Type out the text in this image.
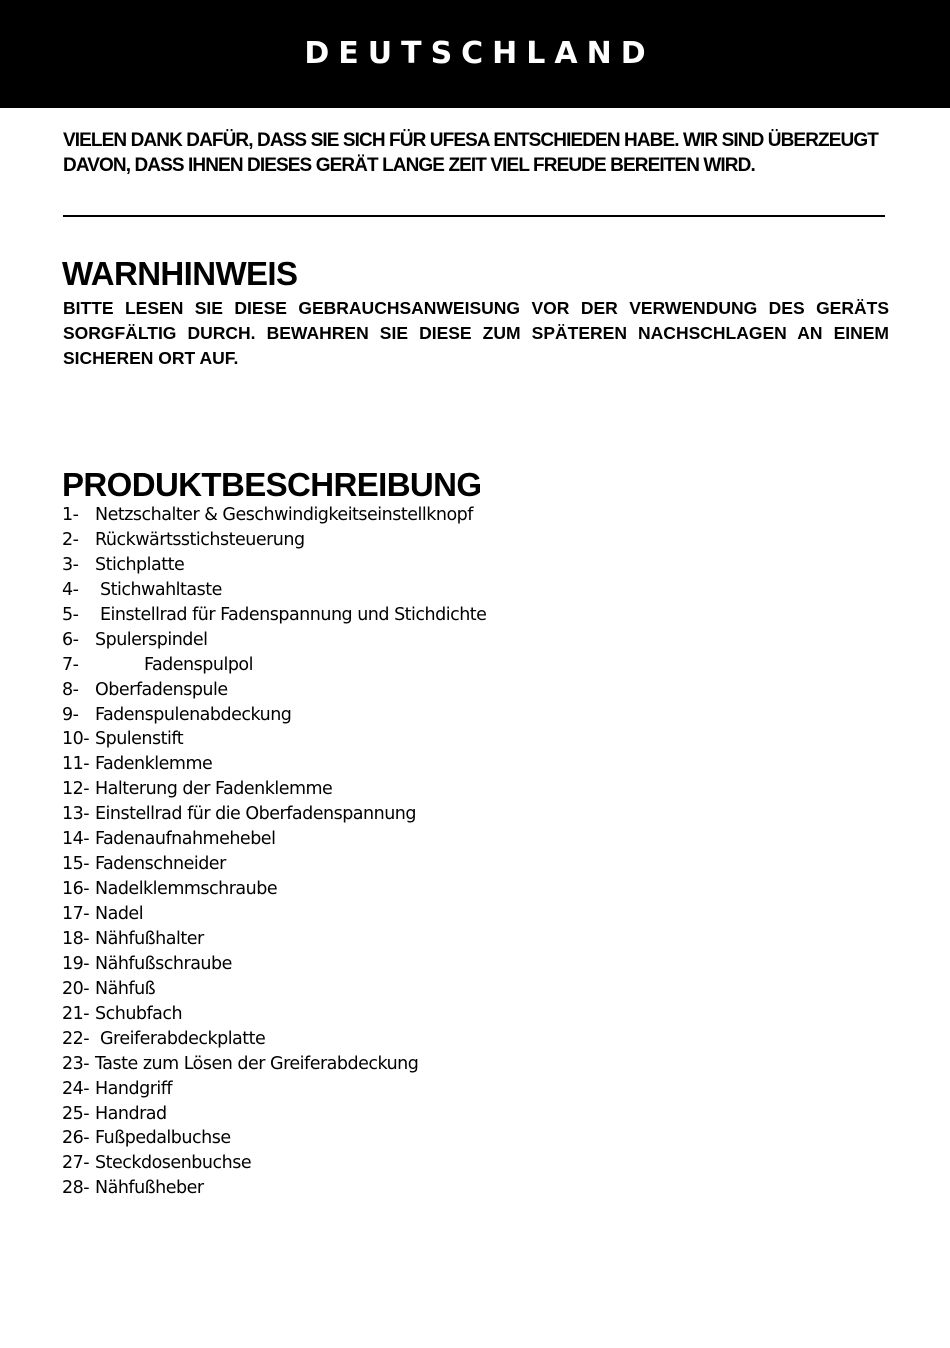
DEUTSCHLAND

VIELEN DANK DAFÜR, DASS SIE SICH FÜR UFESA ENTSCHIEDEN HABE. WIR SIND ÜBERZEUGT DAVON, DASS IHNEN DIESES GERÄT LANGE ZEIT VIEL FREUDE BEREITEN WIRD.

WARNHINWEIS

BITTE LESEN SIE DIESE GEBRAUCHSANWEISUNG VOR DER VERWENDUNG DES GERÄTS SORGFÄLTIG DURCH. BEWAHREN SIE DIESE ZUM SPÄTEREN NACHSCHLAGEN AN EINEM SICHEREN ORT AUF.

PRODUKTBESCHREIBUNG
1- Netzschalter & Geschwindigkeitseinstellknopf
2- Rückwärtsstichsteuerung
3- Stichplatte
4-	Stichwahltaste
5-	Einstellrad für Fadenspannung und Stichdichte
6- Spulerspindel
7-	Fadenspulpol
8- Oberfadenspule
9- Fadenspulenabdeckung
10- Spulenstift
11- Fadenklemme
12- Halterung der Fadenklemme
13- Einstellrad für die Oberfadenspannung
14- Fadenaufnahmehebel
15- Fadenschneider
16- Nadelklemmschraube
17- Nadel
18- Nähfußhalter
19- Nähfußschraube
20- Nähfuß
21- Schubfach
22- Greiferabdeckplatte
23- Taste zum Lösen der Greiferabdeckung
24- Handgriff
25- Handrad
26- Fußpedalbuchse
27- Steckdosenbuchse
28- Nähfußheber
